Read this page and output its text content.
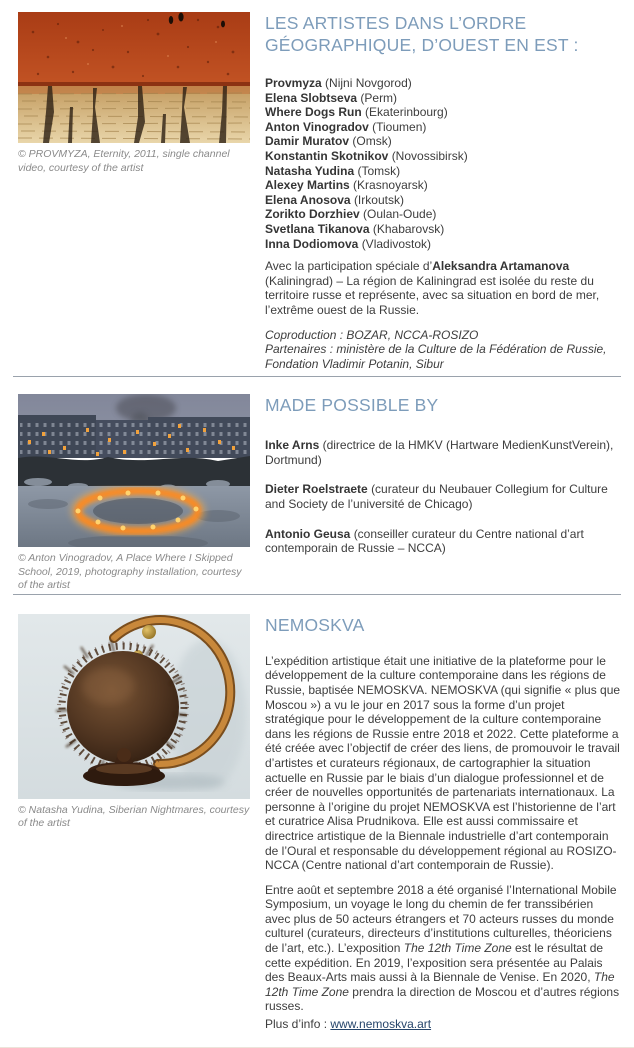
© PROVMYZA, Eternity, 2011, single channel video, courtesy of the artist
LES ARTISTES DANS L’ORDRE GÉOGRAPHIQUE, D’OUEST EN EST :
Provmyza (Nijni Novgorod)
Elena Slobtseva (Perm)
Where Dogs Run (Ekaterinbourg)
Anton Vinogradov (Tioumen)
Damir Muratov (Omsk)
Konstantin Skotnikov (Novossibirsk)
Natasha Yudina (Tomsk)
Alexey Martins (Krasnoyarsk)
Elena Anosova (Irkoutsk)
Zorikto Dorzhiev (Oulan-Oude)
Svetlana Tikanova (Khabarovsk)
Inna Dodiomova (Vladivostok)

Avec la participation spéciale d’Aleksandra Artamanova (Kaliningrad) – La région de Kaliningrad est isolée du reste du territoire russe et représente, avec sa situation en bord de mer, l’extrême ouest de la Russie.

Coproduction : BOZAR, NCCA-ROSIZO
Partenaires : ministère de la Culture de la Fédération de Russie, Fondation Vladimir Potanin, Sibur
© Anton Vinogradov, A Place Where I Skipped School, 2019, photography installation, courtesy of the artist
MADE POSSIBLE BY

Inke Arns (directrice de la HMKV (Hartware MedienKunstVerein), Dortmund)

Dieter Roelstraete (curateur du Neubauer Collegium for Culture and Society de l’université de Chicago)

Antonio Geusa (conseiller curateur du Centre national d’art contemporain de Russie – NCCA)

© Natasha Yudina, Siberian Nightmares, courtesy of the artist
NEMOSKVA

L’expédition artistique était une initiative de la plateforme pour le développement de la culture contemporaine dans les régions de Russie, baptisée NEMOSKVA. NEMOSKVA (qui signifie « plus que Moscou ») a vu le jour en 2017 sous la forme d’un projet stratégique pour le développement de la culture contemporaine dans les régions de Russie entre 2018 et 2022. Cette plateforme a été créée avec l’objectif de créer des liens, de promouvoir le travail d’artistes et curateurs régionaux, de cartographier la situation actuelle en Russie par le biais d’un dialogue professionnel et de créer de nouvelles opportunités de partenariats internationaux. La personne à l’origine du projet NEMOSKVA est l’historienne de l’art et curatrice Alisa Prudnikova. Elle est aussi commissaire et directrice artistique de la Biennale industrielle d’art contemporain de l’Oural et responsable du développement régional au ROSIZO-NCCA (Centre national d’art contemporain de Russie).

Entre août et septembre 2018 a été organisé l’International Mobile Symposium, un voyage le long du chemin de fer transsibérien avec plus de 50 acteurs étrangers et 70 acteurs russes du monde culturel (curateurs, directeurs d’institutions culturelles, théoriciens de l’art, etc.). L’exposition The 12th Time Zone est le résultat de cette expédition. En 2019, l’exposition sera présentée au Palais des Beaux-Arts mais aussi à la Biennale de Venise. En 2020, The 12th Time Zone prendra la direction de Moscou et d’autres régions russes.

Plus d’info : www.nemoskva.art
